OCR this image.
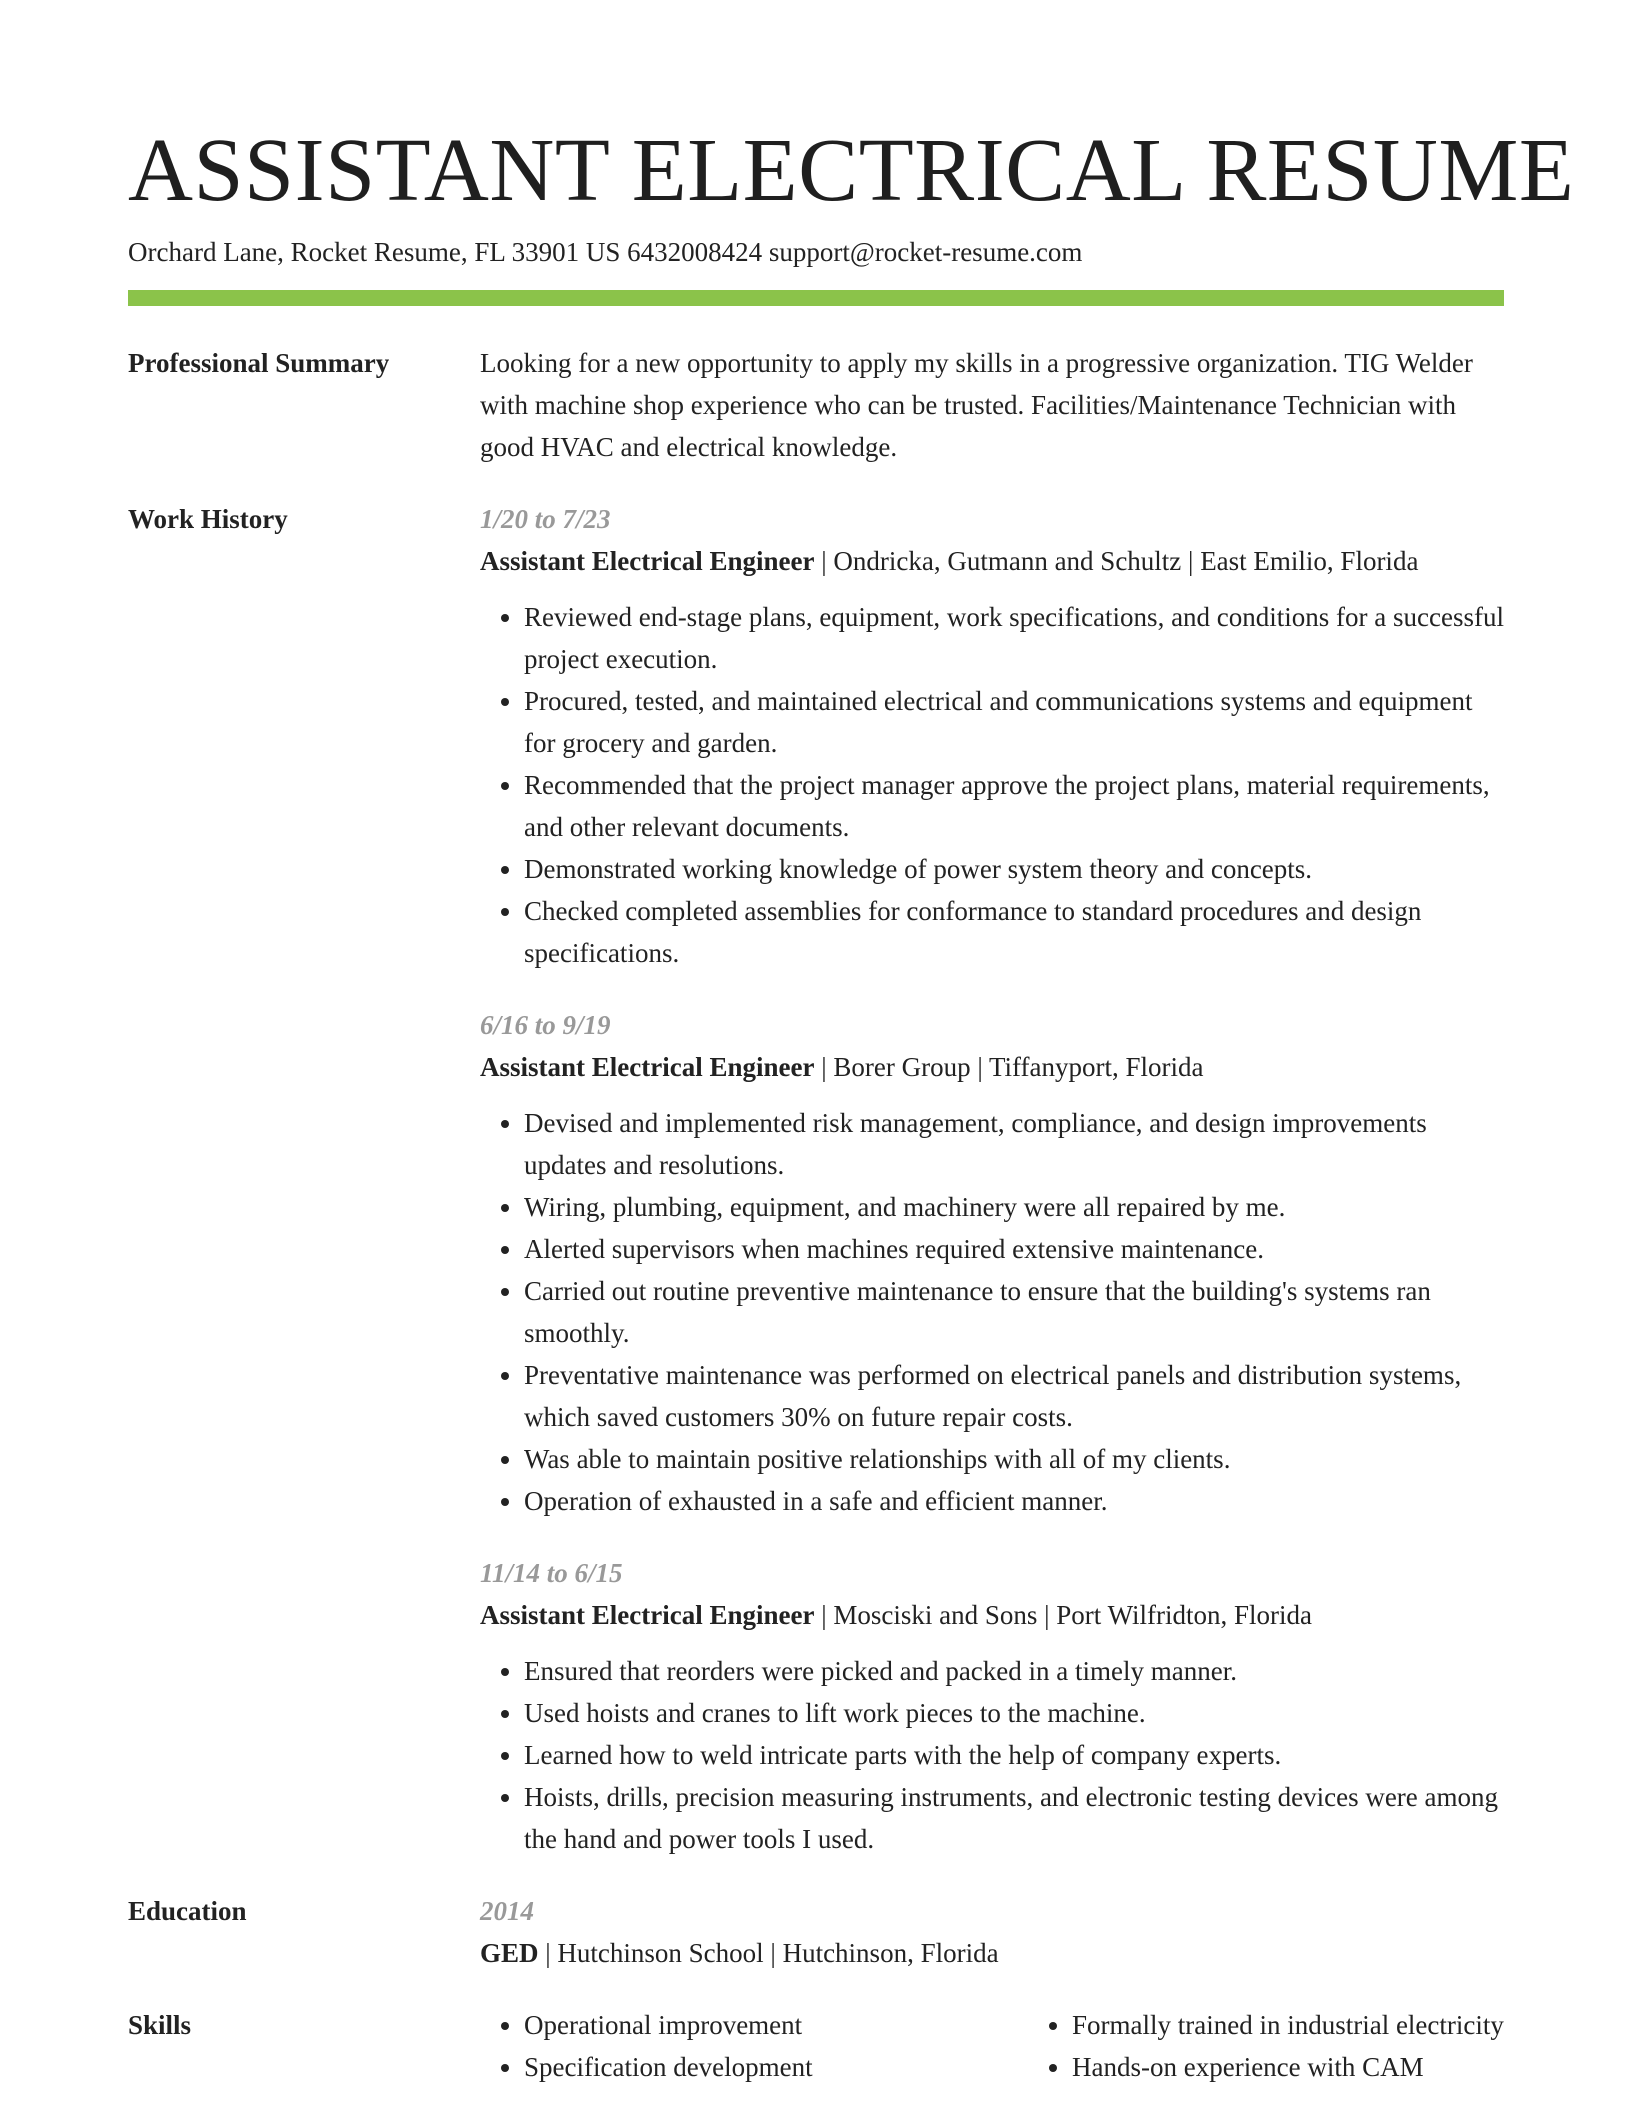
ASSISTANT ELECTRICAL RESUME
Orchard Lane, Rocket Resume, FL 33901 US 6432008424 support@rocket-resume.com
Professional Summary	Looking for a new opportunity to apply my skills in a progressive organization. TIG Welder with machine shop experience who can be trusted. Facilities/Maintenance Technician with good HVAC and electrical knowledge.

Work History	1/20 to 7/23

Assistant Electrical Engineer | Ondricka, Gutmann and Schultz | East Emilio, Florida

• Reviewed end-stage plans, equipment, work specifications, and conditions for a successful project execution.
• Procured, tested, and maintained electrical and communications systems and equipment for grocery and garden.
• Recommended that the project manager approve the project plans, material requirements, and other relevant documents.
• Demonstrated working knowledge of power system theory and concepts.
• Checked completed assemblies for conformance to standard procedures and design specifications.
6/16 to 9/19

Assistant Electrical Engineer | Borer Group | Tiffanyport, Florida

• Devised and implemented risk management, compliance, and design improvements updates and resolutions.
• Wiring, plumbing, equipment, and machinery were all repaired by me.
• Alerted supervisors when machines required extensive maintenance.
• Carried out routine preventive maintenance to ensure that the building's systems ran smoothly.
• Preventative maintenance was performed on electrical panels and distribution systems, which saved customers 30% on future repair costs.
• Was able to maintain positive relationships with all of my clients.
• Operation of exhausted in a safe and efficient manner.
11/14 to 6/15

Assistant Electrical Engineer | Mosciski and Sons | Port Wilfridton, Florida

• Ensured that reorders were picked and packed in a timely manner.
• Used hoists and cranes to lift work pieces to the machine.
• Learned how to weld intricate parts with the help of company experts.
• Hoists, drills, precision measuring instruments, and electronic testing devices were among the hand and power tools I used.
Education	2014

GED | Hutchinson School | Hutchinson, Florida

Skills
•	Operational improvement
• Specification development
• Formally trained in industrial electricity
• Hands-on experience with CAM
